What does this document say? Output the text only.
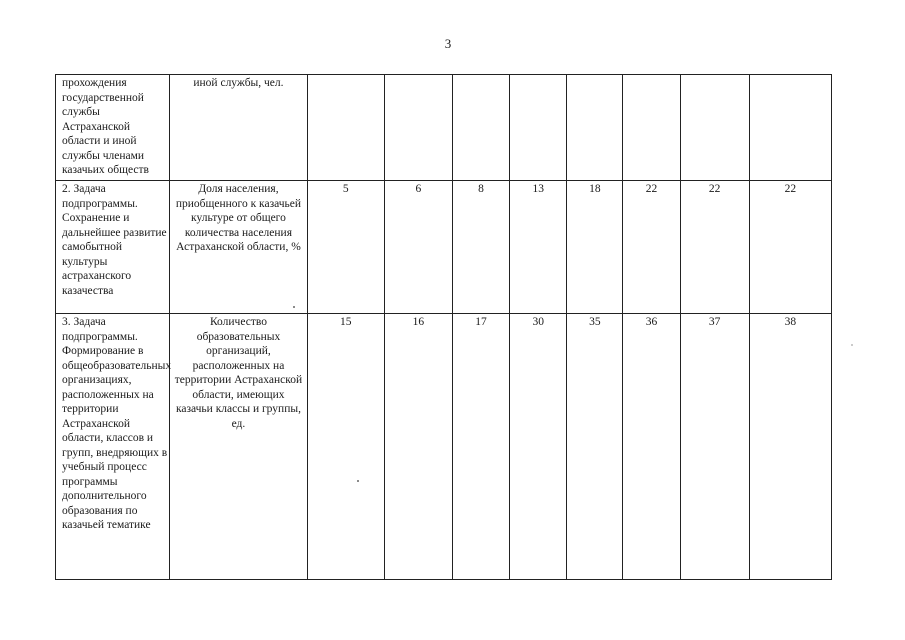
3
прохождения государственной службы Астраханской области и иной службы членами казачьих обществ	иной службы, чел.								
2. Задача подпрограммы. Сохранение и дальнейшее развитие самобытной культуры астраханского казачества	Доля населения, приобщенного к казачьей культуре от общего количества населения Астраханской области, %	5	6	8	13	18	22	22	22
3. Задача подпрограммы. Формирование в общеобразовательных организациях, расположенных на территории Астраханской области, классов и групп, внедряющих в учебный процесс программы дополнительного образования по казачьей тематике	Количество образовательных организаций, расположенных на территории Астраханской области, имеющих казачьи классы и группы, ед.	15	16	17	30	35	36	37	38
